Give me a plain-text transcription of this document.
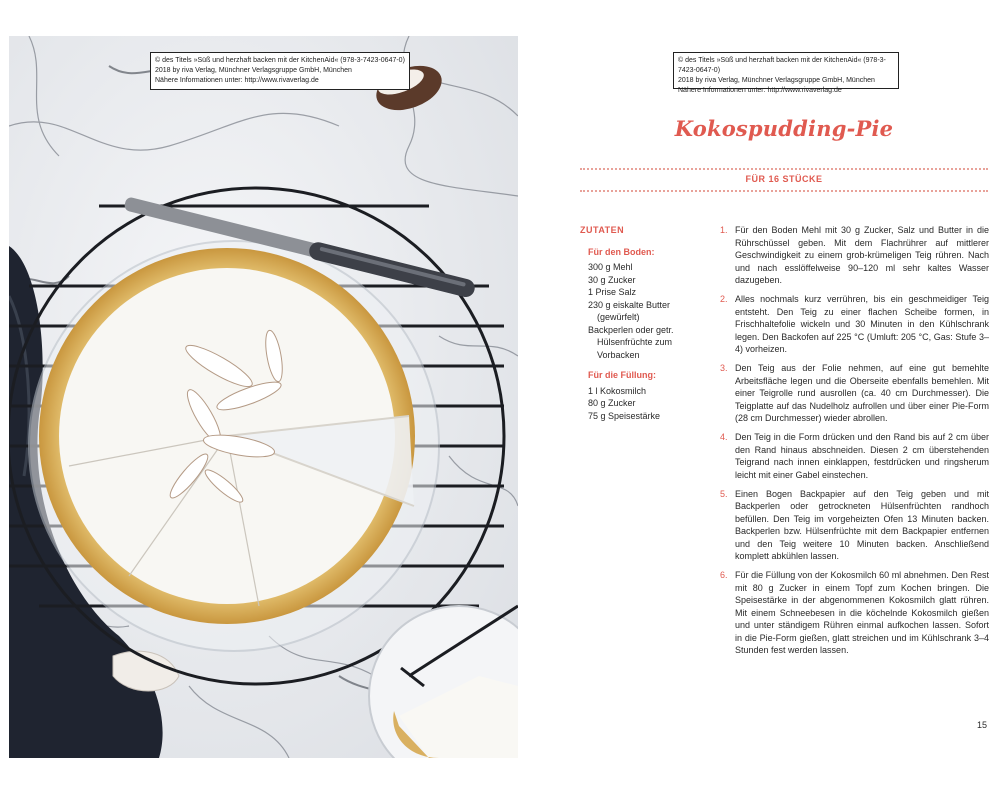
© des Titels »Süß und herzhaft backen mit der KitchenAid« (978-3-7423-0647-0)
2018 by riva Verlag, Münchner Verlagsgruppe GmbH, München
Nähere Informationen unter: http://www.rivaverlag.de
© des Titels »Süß und herzhaft backen mit der KitchenAid« (978-3-7423-0647-0)
2018 by riva Verlag, Münchner Verlagsgruppe GmbH, München
Nähere Informationen unter: http://www.rivaverlag.de
Kokospudding-Pie
FÜR 16 STÜCKE
ZUTATEN
Für den Boden:
300 g Mehl
30 g Zucker
1 Prise Salz
230 g eiskalte Butter
(gewürfelt)
Backperlen oder getr.
Hülsenfrüchte zum
Vorbacken
Für die Füllung:
1 l Kokosmilch
80 g Zucker
75 g Speisestärke
1. Für den Boden Mehl mit 30 g Zucker, Salz und Butter in die Rührschüssel geben. Mit dem Flachrührer auf mittlerer Geschwindigkeit zu einem grob-krümeligen Teig rühren. Nach und nach esslöffelweise 90–120 ml sehr kaltes Wasser dazugeben.
2. Alles nochmals kurz verrühren, bis ein geschmeidiger Teig entsteht. Den Teig zu einer flachen Scheibe formen, in Frischhaltefolie wickeln und 30 Minuten in den Kühlschrank legen. Den Backofen auf 225 °C (Umluft: 205 °C, Gas: Stufe 3–4) vorheizen.
3. Den Teig aus der Folie nehmen, auf eine gut bemehlte Arbeitsfläche legen und die Oberseite ebenfalls bemehlen. Mit einer Teigrolle rund ausrollen (ca. 40 cm Durchmesser). Die Teigplatte auf das Nudelholz aufrollen und über einer Pie-Form (28 cm Durchmesser) wieder abrollen.
4. Den Teig in die Form drücken und den Rand bis auf 2 cm über den Rand hinaus abschneiden. Diesen 2 cm überstehenden Teigrand nach innen einklappen, festdrücken und ringsherum leicht mit einer Gabel einstechen.
5. Einen Bogen Backpapier auf den Teig geben und mit Backperlen oder getrockneten Hülsenfrüchten randhoch befüllen. Den Teig im vorgeheizten Ofen 13 Minuten backen. Backperlen bzw. Hülsenfrüchte mit dem Backpapier entfernen und den Teig weitere 10 Minuten backen. Anschließend komplett abkühlen lassen.
6. Für die Füllung von der Kokosmilch 60 ml abnehmen. Den Rest mit 80 g Zucker in einem Topf zum Kochen bringen. Die Speisestärke in der abgenommenen Kokosmilch glatt rühren. Mit einem Schneebesen in die köchelnde Kokosmilch gießen und unter ständigem Rühren einmal aufkochen lassen. Sofort in die Pie-Form gießen, glatt streichen und im Kühlschrank 3–4 Stunden fest werden lassen.
15
